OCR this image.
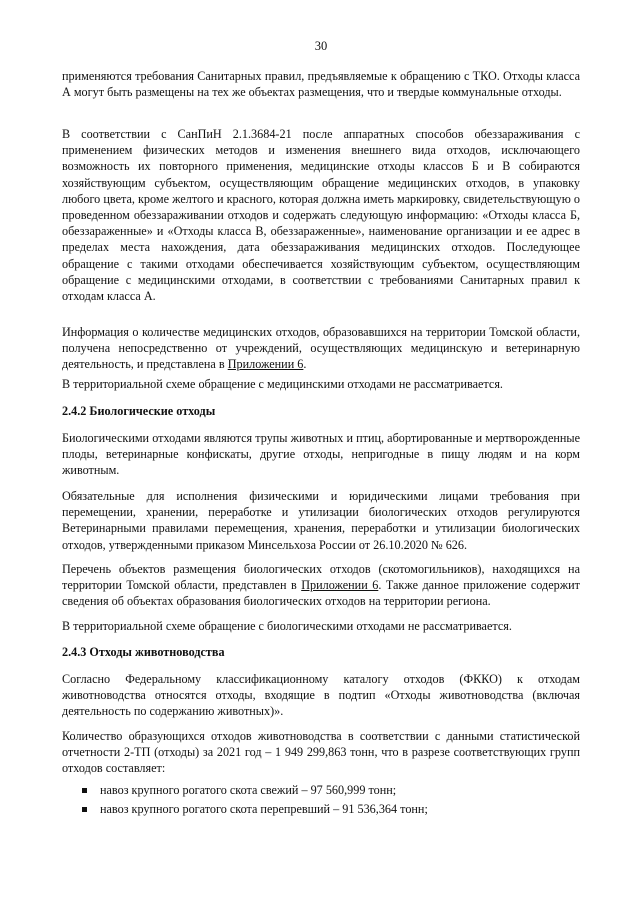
30

применяются требования Санитарных правил, предъявляемые к обращению с ТКО. Отходы класса А могут быть размещены на тех же объектах размещения, что и твердые коммунальные отходы.

В соответствии с СанПиН 2.1.3684-21 после аппаратных способов обеззараживания с применением физических методов и изменения внешнего вида отходов, исключающего возможность их повторного применения, медицинские отходы классов Б и В собираются хозяйствующим субъектом, осуществляющим обращение медицинских отходов, в упаковку любого цвета, кроме желтого и красного, которая должна иметь маркировку, свидетельствующую о проведенном обеззараживании отходов и содержать следующую информацию: «Отходы класса Б, обеззараженные» и «Отходы класса В, обеззараженные», наименование организации и ее адрес в пределах места нахождения, дата обеззараживания медицинских отходов. Последующее обращение с такими отходами обеспечивается хозяйствующим субъектом, осуществляющим обращение с медицинскими отходами, в соответствии с требованиями Санитарных правил к отходам класса А.

Информация о количестве медицинских отходов, образовавшихся на территории Томской области, получена непосредственно от учреждений, осуществляющих медицинскую и ветеринарную деятельность, и представлена в Приложении 6.

В территориальной схеме обращение с медицинскими отходами не рассматривается.

2.4.2 Биологические отходы

Биологическими отходами являются трупы животных и птиц, абортированные и мертворожденные плоды, ветеринарные конфискаты, другие отходы, непригодные в пищу людям и на корм животным.

Обязательные для исполнения физическими и юридическими лицами требования при перемещении, хранении, переработке и утилизации биологических отходов регулируются Ветеринарными правилами перемещения, хранения, переработки и утилизации биологических отходов, утвержденными приказом Минсельхоза России от 26.10.2020 № 626.

Перечень объектов размещения биологических отходов (скотомогильников), находящихся на территории Томской области, представлен в Приложении 6. Также данное приложение содержит сведения об объектах образования биологических отходов на территории региона.

В территориальной схеме обращение с биологическими отходами не рассматривается.

2.4.3 Отходы животноводства

Согласно Федеральному классификационному каталогу отходов (ФККО) к отходам животноводства относятся отходы, входящие в подтип «Отходы животноводства (включая деятельность по содержанию животных)».

Количество образующихся отходов животноводства в соответствии с данными статистической отчетности 2-ТП (отходы) за 2021 год – 1 949 299,863 тонн, что в разрезе соответствующих групп отходов составляет:

навоз крупного рогатого скота свежий – 97 560,999 тонн;
навоз крупного рогатого скота перепревший – 91 536,364 тонн;
